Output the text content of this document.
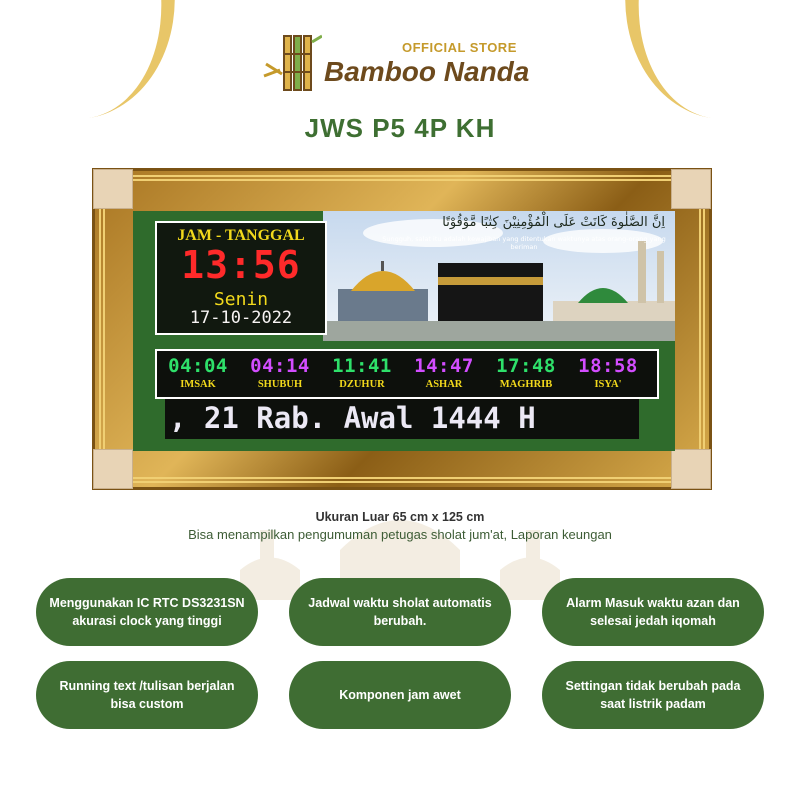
OFFICIAL STORE
Bamboo Nanda
JWS P5 4P KH
JAM - TANGGAL
13:56
Senin
17-10-2022
اِنَّ الصَّلٰوةَ كَانَتْ عَلَى الْمُؤْمِنِيْنَ كِتٰبًا مَّوْقُوْتًا
Sungguh, salat itu adalah kewajiban yang ditentukan waktunya atas orang-orang yang beriman
04:04
IMSAK
04:14
SHUBUH
11:41
DZUHUR
14:47
ASHAR
17:48
MAGHRIB
18:58
ISYA'
, 21 Rab. Awal 1444 H
Ukuran Luar 65 cm x 125 cm
Bisa menampilkan pengumuman petugas sholat jum'at, Laporan keungan
Menggunakan IC RTC DS3231SN akurasi clock yang tinggi
Jadwal waktu sholat automatis berubah.
Alarm Masuk waktu azan dan selesai jedah iqomah
Running text /tulisan berjalan bisa custom
Komponen jam awet
Settingan tidak berubah pada saat listrik padam
